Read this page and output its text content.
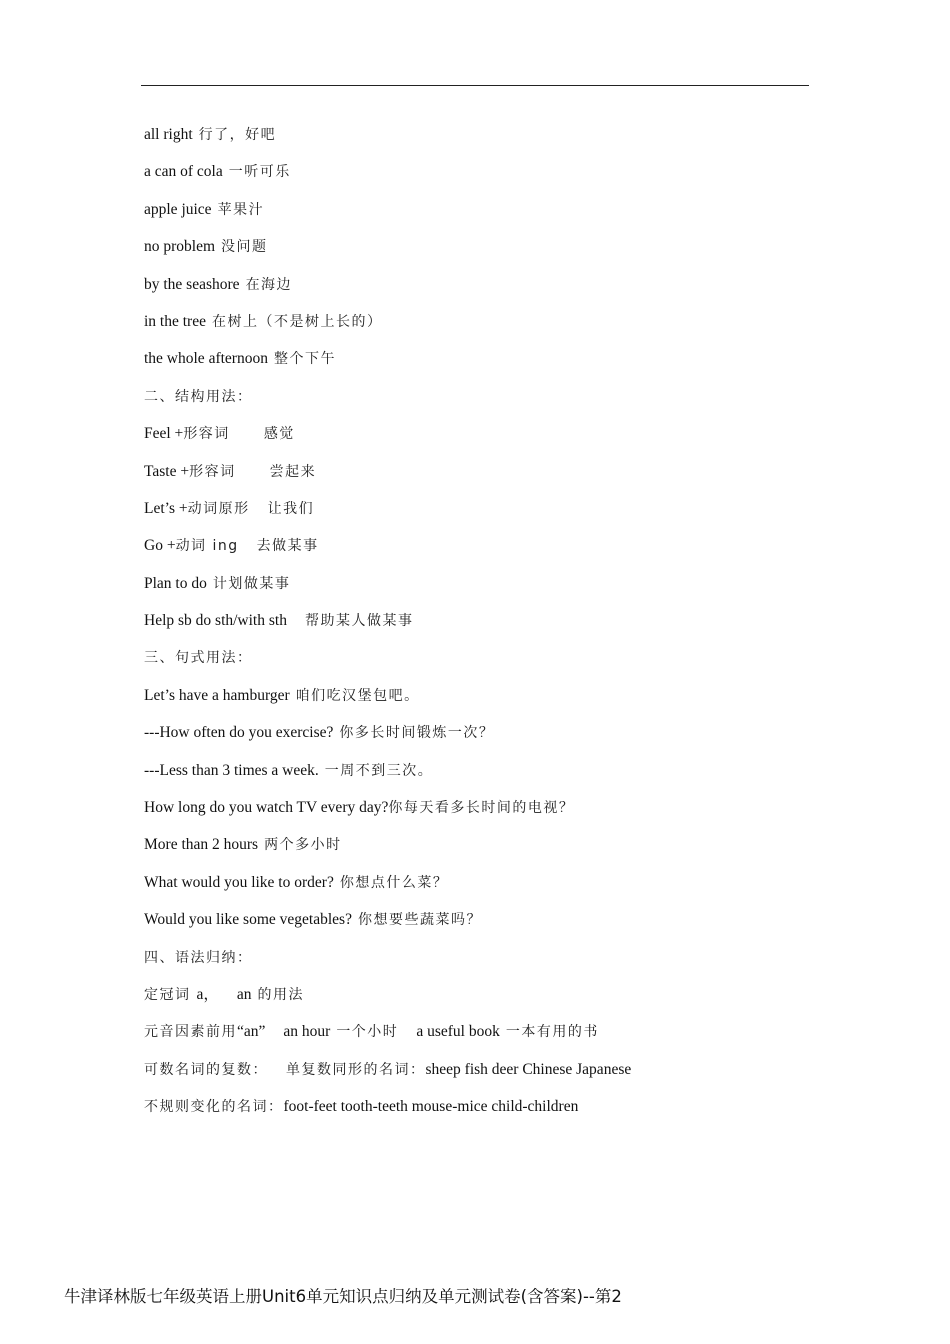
all right 行了，好吧
a can of cola 一听可乐
apple juice 苹果汁
no problem 没问题
by the seashore 在海边
in the tree 在树上（不是树上长的）
the whole afternoon 整个下午
二、结构用法：
Feel +形容词 感觉
Taste +形容词 尝起来
Let’s +动词原形 让我们
Go +动词 ing 去做某事
Plan to do 计划做某事
Help sb do sth/with sth 帮助某人做某事
三、句式用法：
Let’s have a hamburger 咱们吃汉堡包吧。
---How often do you exercise? 你多长时间锻炼一次？
---Less than 3 times a week. 一周不到三次。
How long do you watch TV every day?你每天看多长时间的电视？
More than 2 hours 两个多小时
What would you like to order? 你想点什么菜？
Would you like some vegetables? 你想要些蔬菜吗？
四、语法归纳：
定冠词 a， an 的用法
元音因素前用“an” an hour 一个小时 a useful book 一本有用的书
可数名词的复数： 单复数同形的名词：sheep fish deer Chinese Japanese
不规则变化的名词：foot-feet tooth-teeth mouse-mice child-children
牛津译林版七年级英语上册Unit6单元知识点归纳及单元测试卷(含答案)--第2
